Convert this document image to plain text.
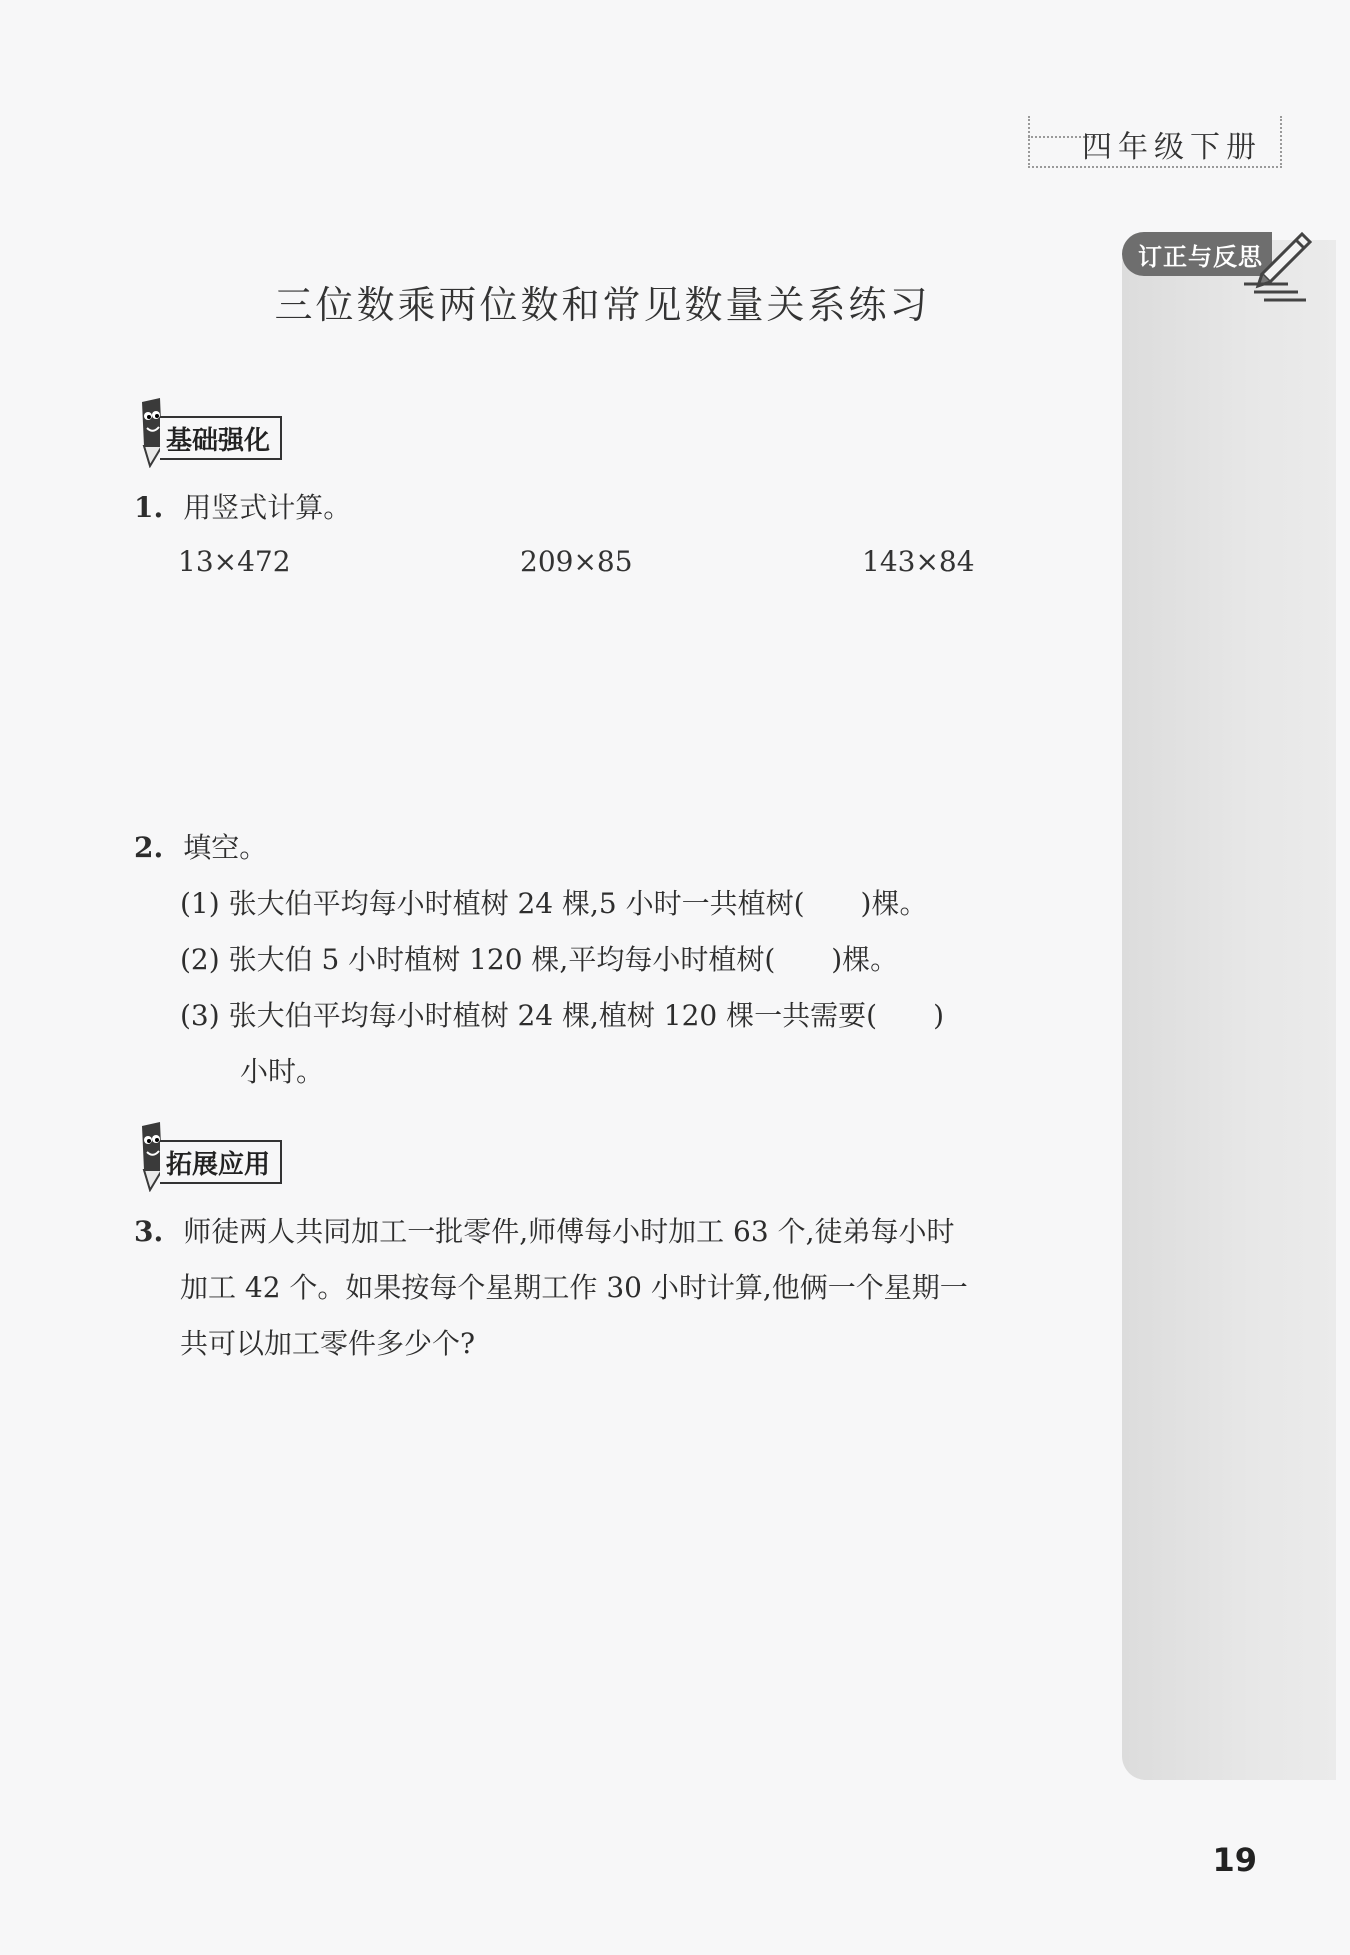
四年级下册
订正与反思
三位数乘两位数和常见数量关系练习
基础强化
1. 用竖式计算。
13×472	209×85	143×84
2. 填空。
(1) 张大伯平均每小时植树 24 棵,5 小时一共植树(　　)棵。
(2) 张大伯 5 小时植树 120 棵,平均每小时植树(　　)棵。
(3) 张大伯平均每小时植树 24 棵,植树 120 棵一共需要(　　)
小时。
拓展应用
3. 师徒两人共同加工一批零件,师傅每小时加工 63 个,徒弟每小时
加工 42 个。如果按每个星期工作 30 小时计算,他俩一个星期一
共可以加工零件多少个?
19
